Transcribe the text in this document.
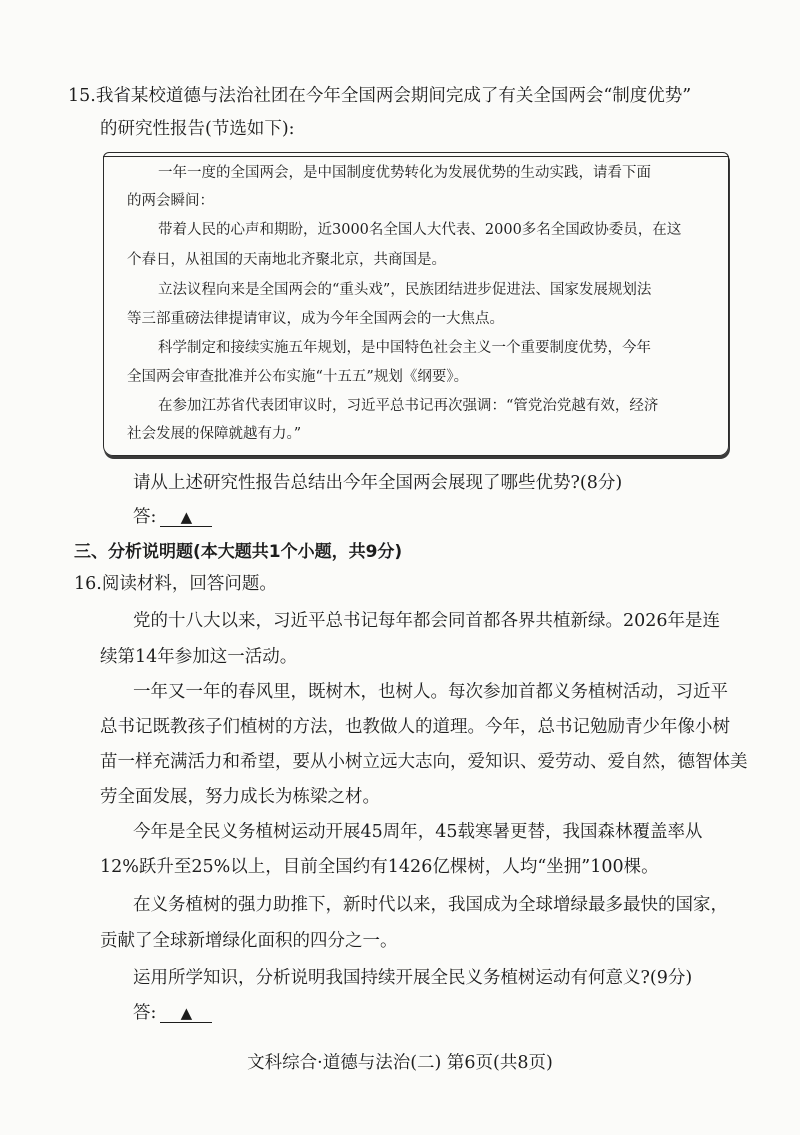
15.我省某校道德与法治社团在今年全国两会期间完成了有关全国两会“制度优势”
的研究性报告(节选如下):
一年一度的全国两会，是中国制度优势转化为发展优势的生动实践，请看下面
的两会瞬间：
带着人民的心声和期盼，近3000名全国人大代表、2000多名全国政协委员，在这
个春日，从祖国的天南地北齐聚北京，共商国是。
立法议程向来是全国两会的“重头戏”，民族团结进步促进法、国家发展规划法
等三部重磅法律提请审议，成为今年全国两会的一大焦点。
科学制定和接续实施五年规划，是中国特色社会主义一个重要制度优势，今年
全国两会审查批准并公布实施“十五五”规划《纲要》。
在参加江苏省代表团审议时，习近平总书记再次强调：“管党治党越有效，经济
社会发展的保障就越有力。”
请从上述研究性报告总结出今年全国两会展现了哪些优势?(8分)
答: ▲
三、分析说明题(本大题共1个小题，共9分)
16.阅读材料，回答问题。
党的十八大以来，习近平总书记每年都会同首都各界共植新绿。2026年是连
续第14年参加这一活动。
一年又一年的春风里，既树木，也树人。每次参加首都义务植树活动，习近平
总书记既教孩子们植树的方法，也教做人的道理。今年，总书记勉励青少年像小树
苗一样充满活力和希望，要从小树立远大志向，爱知识、爱劳动、爱自然，德智体美
劳全面发展，努力成长为栋梁之材。
今年是全民义务植树运动开展45周年，45载寒暑更替，我国森林覆盖率从
12%跃升至25%以上，目前全国约有1426亿棵树，人均“坐拥”100棵。
在义务植树的强力助推下，新时代以来，我国成为全球增绿最多最快的国家，
贡献了全球新增绿化面积的四分之一。
运用所学知识，分析说明我国持续开展全民义务植树运动有何意义?(9分)
答: ▲
文科综合·道德与法治(二) 第6页(共8页)
